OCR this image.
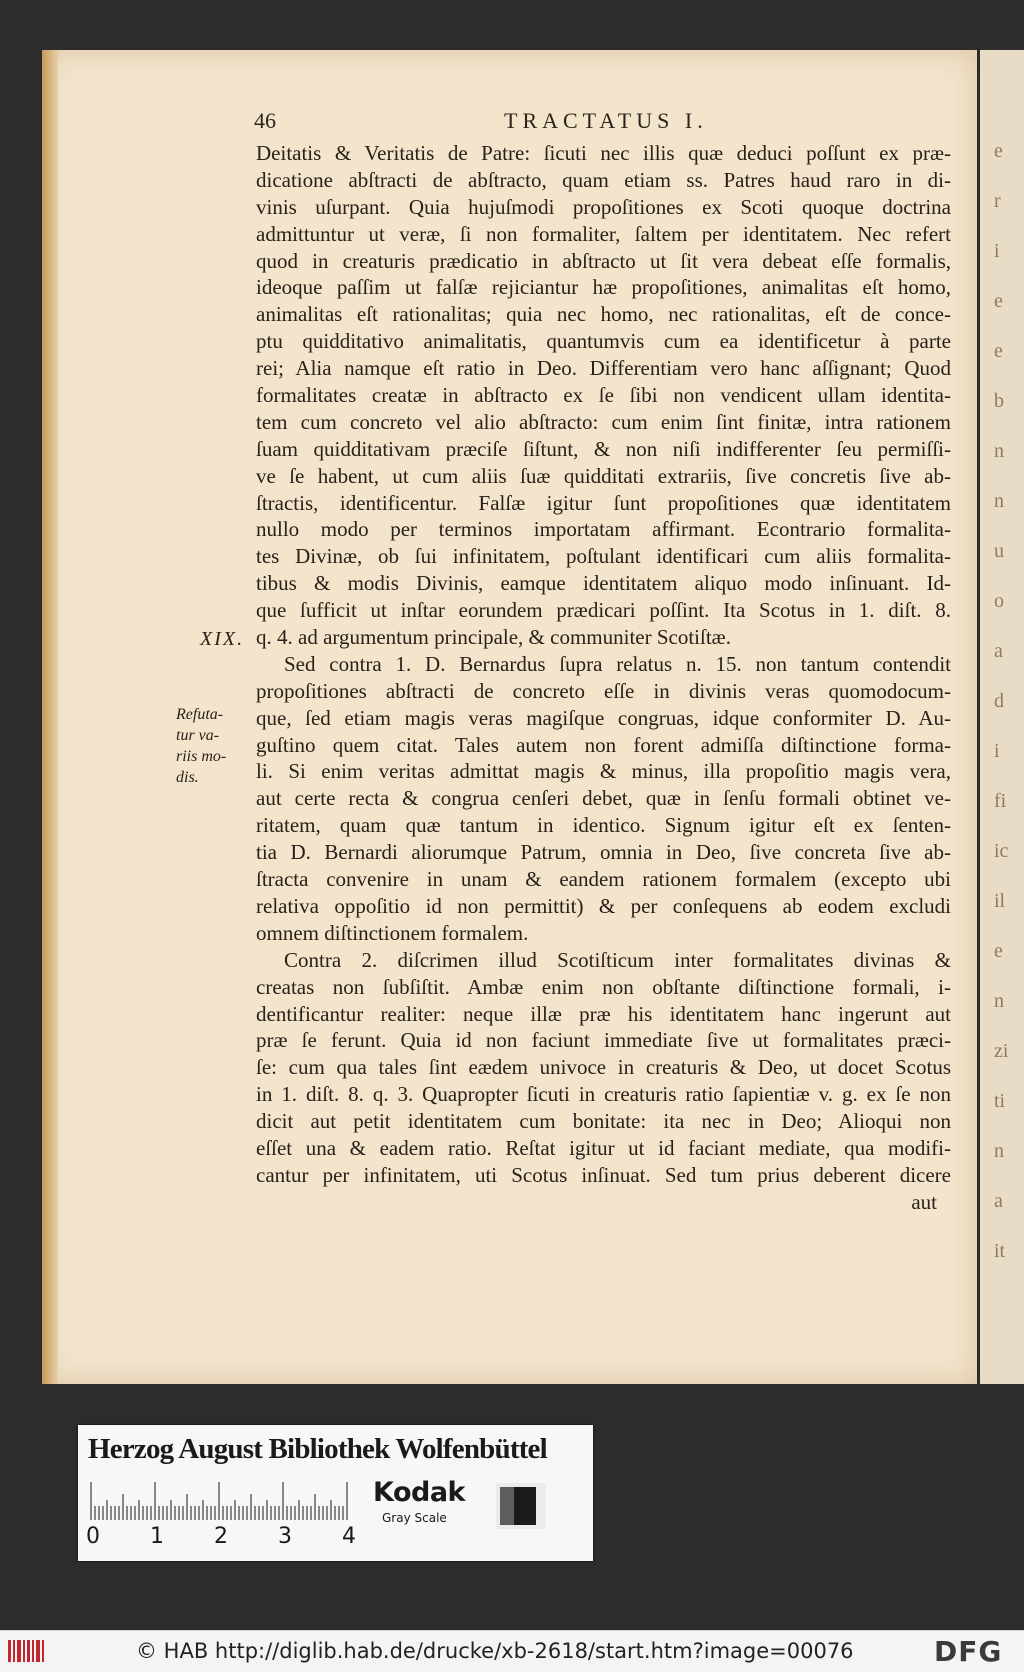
e
r
i
e
e
b
n
n
u
o
a
d
i
fi
ic
il
e
n
zi
ti
n
a
it
46	TRACTATUS I.
XIX.
Refuta-
tur va-
riis mo-
dis.
Deitatis & Veritatis de Patre: ſicuti nec illis quæ deduci poſſunt ex præ-
dicatione abſtracti de abſtracto, quam etiam ss. Patres haud raro in di-
vinis uſurpant. Quia hujuſmodi propoſitiones ex Scoti quoque doctrina
admittuntur ut veræ, ſi non formaliter, ſaltem per identitatem. Nec refert
quod in creaturis prædicatio in abſtracto ut ſit vera debeat eſſe formalis,
ideoque paſſim ut falſæ rejiciantur hæ propoſitiones, animalitas eſt homo,
animalitas eſt rationalitas; quia nec homo, nec rationalitas, eſt de conce-
ptu quidditativo animalitatis, quantumvis cum ea identificetur à parte
rei; Alia namque eſt ratio in Deo. Differentiam vero hanc aſſignant; Quod
formalitates creatæ in abſtracto ex ſe ſibi non vendicent ullam identita-
tem cum concreto vel alio abſtracto: cum enim ſint finitæ, intra rationem
ſuam quidditativam præciſe ſiſtunt, & non niſi indifferenter ſeu permiſſi-
ve ſe habent, ut cum aliis ſuæ quidditati extrariis, ſive concretis ſive ab-
ſtractis, identificentur. Falſæ igitur ſunt propoſitiones quæ identitatem
nullo modo per terminos importatam affirmant. Econtrario formalita-
tes Divinæ, ob ſui infinitatem, poſtulant identificari cum aliis formalita-
tibus & modis Divinis, eamque identitatem aliquo modo inſinuant. Id-
que ſufficit ut inſtar eorundem prædicari poſſint. Ita Scotus in 1. diſt. 8.
q. 4. ad argumentum principale, & communiter Scotiſtæ.
Sed contra 1. D. Bernardus ſupra relatus n. 15. non tantum contendit
propoſitiones abſtracti de concreto eſſe in divinis veras quomodocum-
que, ſed etiam magis veras magiſque congruas, idque conformiter D. Au-
guſtino quem citat. Tales autem non forent admiſſa diſtinctione forma-
li. Si enim veritas admittat magis & minus, illa propoſitio magis vera,
aut certe recta & congrua cenſeri debet, quæ in ſenſu formali obtinet ve-
ritatem, quam quæ tantum in identico. Signum igitur eſt ex ſenten-
tia D. Bernardi aliorumque Patrum, omnia in Deo, ſive concreta ſive ab-
ſtracta convenire in unam & eandem rationem formalem (excepto ubi
relativa oppoſitio id non permittit) & per conſequens ab eodem excludi
omnem diſtinctionem formalem.
Contra 2. diſcrimen illud Scotiſticum inter formalitates divinas &
creatas non ſubſiſtit. Ambæ enim non obſtante diſtinctione formali, i-
dentificantur realiter: neque illæ præ his identitatem hanc ingerunt aut
præ ſe ferunt. Quia id non faciunt immediate ſive ut formalitates præci-
ſe: cum qua tales ſint eædem univoce in creaturis & Deo, ut docet Scotus
in 1. diſt. 8. q. 3. Quapropter ſicuti in creaturis ratio ſapientiæ v. g. ex ſe non
dicit aut petit identitatem cum bonitate: ita nec in Deo; Alioqui non
eſſet una & eadem ratio. Reſtat igitur ut id faciant mediate, qua modifi-
cantur per infinitatem, uti Scotus inſinuat. Sed tum prius deberent dicere
aut
Herzog August Bibliothek Wolfenbüttel
0 1 2 3 4
Kodak
Gray Scale
© HAB http://diglib.hab.de/drucke/xb-2618/start.htm?image=00076	DFG
